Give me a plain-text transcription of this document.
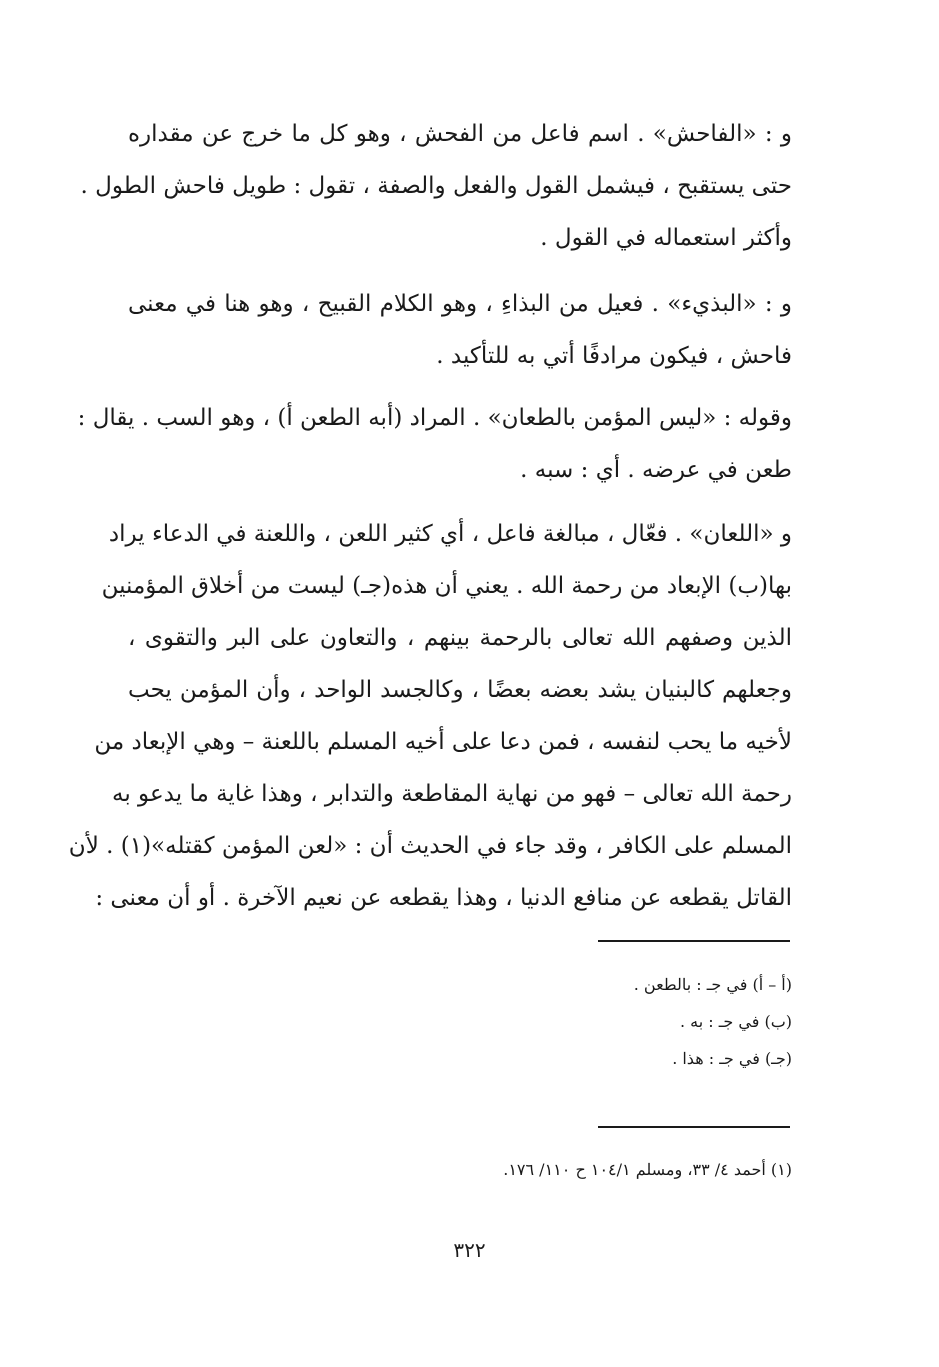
و : «الفاحش» . اسم فاعل من الفحش ، وهو كل ما خرج عن مقداره
حتى يستقبح ، فيشمل القول والفعل والصفة ، تقول : طويل فاحش الطول .
وأكثر استعماله في القول .
و : «البذيء» . فعيل من البذاءِ ، وهو الكلام القبيح ، وهو هنا في معنى
فاحش ، فيكون مرادفًا أتي به للتأكيد .
وقوله : «ليس المؤمن بالطعان» . المراد (أبه الطعن أ) ، وهو السب . يقال :
طعن في عرضه . أي : سبه .
و «اللعان» . فعّال ، مبالغة فاعل ، أي كثير اللعن ، واللعنة في الدعاء يراد
بها(ب) الإبعاد من رحمة الله . يعني أن هذه(جـ) ليست من أخلاق المؤمنين
الذين وصفهم الله تعالى بالرحمة بينهم ، والتعاون على البر والتقوى ،
وجعلهم كالبنيان يشد بعضه بعضًا ، وكالجسد الواحد ، وأن المؤمن يحب
لأخيه ما يحب لنفسه ، فمن دعا على أخيه المسلم باللعنة – وهي الإبعاد من
رحمة الله تعالى – فهو من نهاية المقاطعة والتدابر ، وهذا غاية ما يدعو به
المسلم على الكافر ، وقد جاء في الحديث أن : «لعن المؤمن كقتله»(١) . لأن
القاتل يقطعه عن منافع الدنيا ، وهذا يقطعه عن نعيم الآخرة . أو أن معنى :
(أ – أ) في جـ : بالطعن .
(ب) في جـ : به .
(جـ) في جـ : هذا .
(١) أحمد ٤/ ٣٣، ومسلم ١٠٤/١ ح ١١٠/ ١٧٦.
٣٢٢
